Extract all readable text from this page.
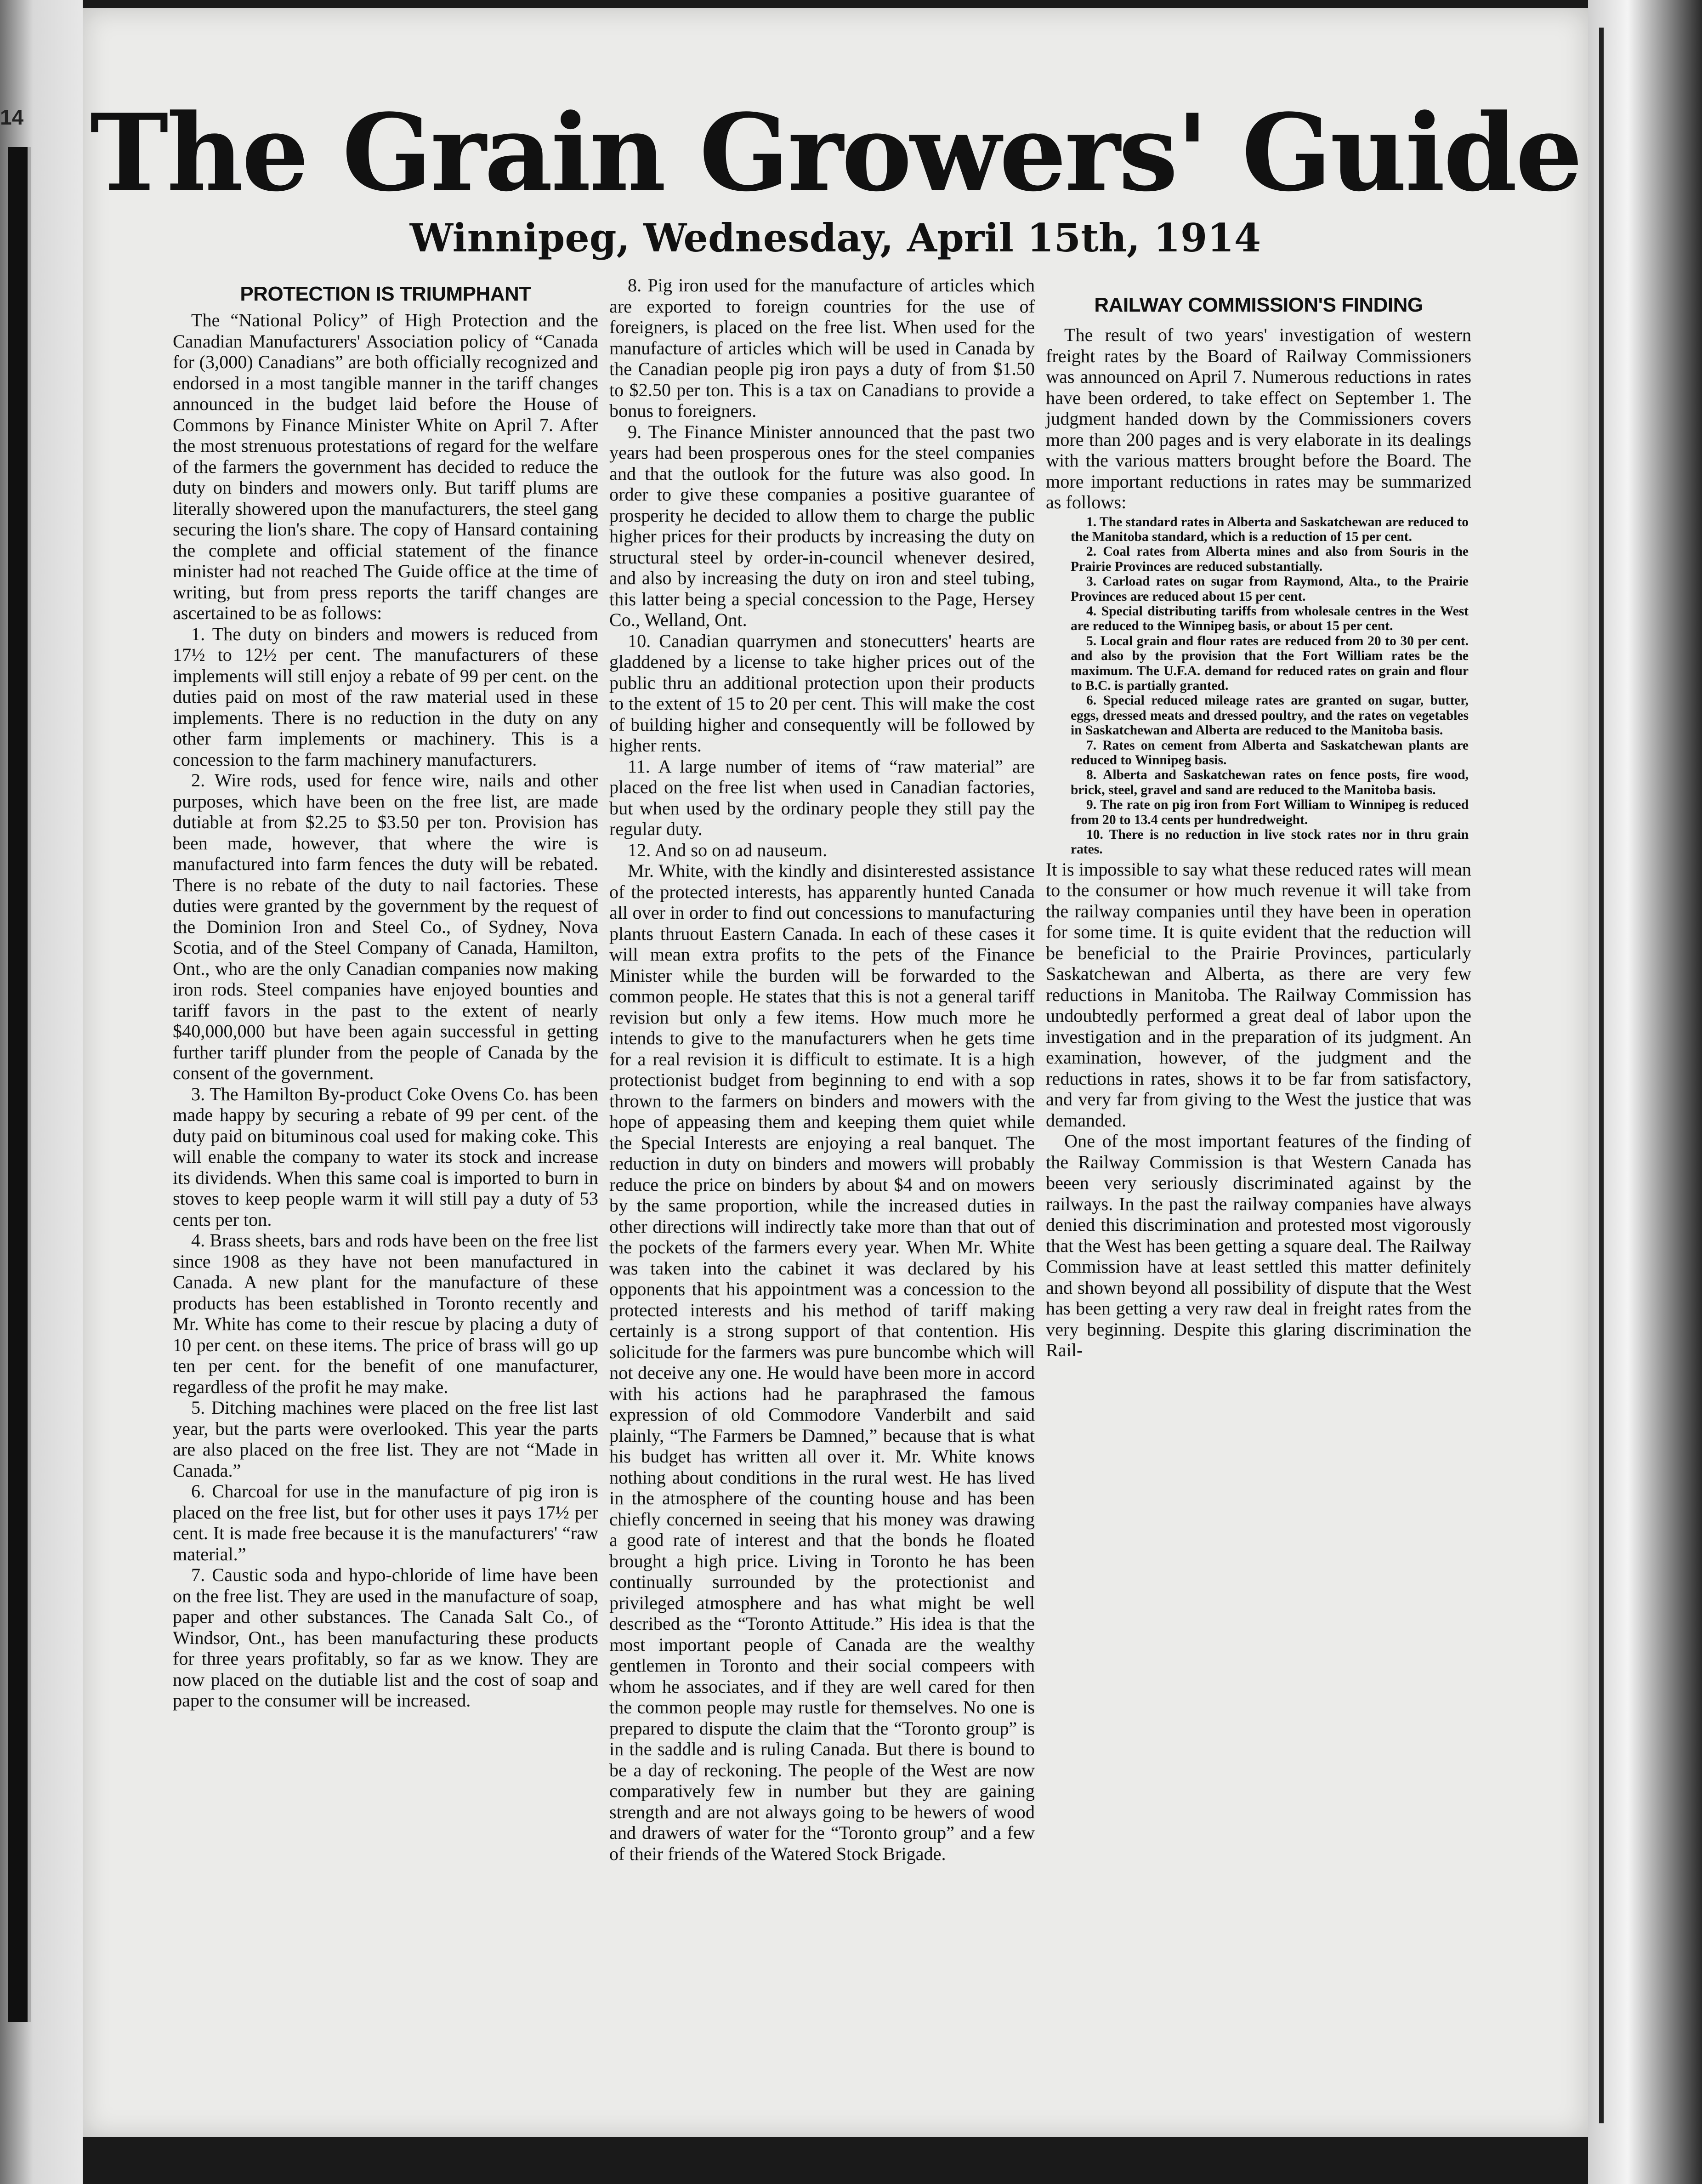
14 The Grain Growers' Guide
Winnipeg, Wednesday, April 15th, 1914
PROTECTION IS TRIUMPHANT

The “National Policy” of High Protection and the Canadian Manufacturers' Association policy of “Canada for (3,000) Canadians” are both officially recognized and endorsed in a most tangible manner in the tariff changes announced in the budget laid before the House of Commons by Finance Minister White on April 7. After the most strenuous protestations of regard for the welfare of the farmers the government has decided to reduce the duty on binders and mowers only. But tariff plums are literally showered upon the manufacturers, the steel gang securing the lion's share. The copy of Hansard containing the complete and official statement of the finance minister had not reached The Guide office at the time of writing, but from press reports the tariff changes are ascertained to be as follows:

1. The duty on binders and mowers is reduced from 17½ to 12½ per cent. The manufacturers of these implements will still enjoy a rebate of 99 per cent. on the duties paid on most of the raw material used in these implements. There is no reduction in the duty on any other farm implements or machinery. This is a concession to the farm machinery manufacturers.

2. Wire rods, used for fence wire, nails and other purposes, which have been on the free list, are made dutiable at from $2.25 to $3.50 per ton. Provision has been made, however, that where the wire is manufactured into farm fences the duty will be rebated. There is no rebate of the duty to nail factories. These duties were granted by the government by the request of the Dominion Iron and Steel Co., of Sydney, Nova Scotia, and of the Steel Company of Canada, Hamilton, Ont., who are the only Canadian companies now making iron rods. Steel companies have enjoyed bounties and tariff favors in the past to the extent of nearly $40,000,000 but have been again successful in getting further tariff plunder from the people of Canada by the consent of the government.

3. The Hamilton By-product Coke Ovens Co. has been made happy by securing a rebate of 99 per cent. of the duty paid on bituminous coal used for making coke. This will enable the company to water its stock and increase its dividends. When this same coal is imported to burn in stoves to keep people warm it will still pay a duty of 53 cents per ton.

4. Brass sheets, bars and rods have been on the free list since 1908 as they have not been manufactured in Canada. A new plant for the manufacture of these products has been established in Toronto recently and Mr. White has come to their rescue by placing a duty of 10 per cent. on these items. The price of brass will go up ten per cent. for the benefit of one manufacturer, regardless of the profit he may make.

5. Ditching machines were placed on the free list last year, but the parts were overlooked. This year the parts are also placed on the free list. They are not “Made in Canada.”

6. Charcoal for use in the manufacture of pig iron is placed on the free list, but for other uses it pays 17½ per cent. It is made free because it is the manufacturers' “raw material.”

7. Caustic soda and hypo-chloride of lime have been on the free list. They are used in the manufacture of soap, paper and other substances. The Canada Salt Co., of Windsor, Ont., has been manufacturing these products for three years profitably, so far as we know. They are now placed on the dutiable list and the cost of soap and paper to the consumer will be increased.

8. Pig iron used for the manufacture of articles which are exported to foreign countries for the use of foreigners, is placed on the free list. When used for the manufacture of articles which will be used in Canada by the Canadian people pig iron pays a duty of from $1.50 to $2.50 per ton. This is a tax on Canadians to provide a bonus to foreigners.

9. The Finance Minister announced that the past two years had been prosperous ones for the steel companies and that the outlook for the future was also good. In order to give these companies a positive guarantee of prosperity he decided to allow them to charge the public higher prices for their products by increasing the duty on structural steel by order-in-council whenever desired, and also by increasing the duty on iron and steel tubing, this latter being a special concession to the Page, Hersey Co., Welland, Ont.

10. Canadian quarrymen and stonecutters' hearts are gladdened by a license to take higher prices out of the public thru an additional protection upon their products to the extent of 15 to 20 per cent. This will make the cost of building higher and consequently will be followed by higher rents.

11. A large number of items of “raw material” are placed on the free list when used in Canadian factories, but when used by the ordinary people they still pay the regular duty.

12. And so on ad nauseum.

Mr. White, with the kindly and disinterested assistance of the protected interests, has apparently hunted Canada all over in order to find out concessions to manufacturing plants thruout Eastern Canada. In each of these cases it will mean extra profits to the pets of the Finance Minister while the burden will be forwarded to the common people. He states that this is not a general tariff revision but only a few items. How much more he intends to give to the manufacturers when he gets time for a real revision it is difficult to estimate. It is a high protectionist budget from beginning to end with a sop thrown to the farmers on binders and mowers with the hope of appeasing them and keeping them quiet while the Special Interests are enjoying a real banquet. The reduction in duty on binders and mowers will probably reduce the price on binders by about $4 and on mowers by the same proportion, while the increased duties in other directions will indirectly take more than that out of the pockets of the farmers every year. When Mr. White was taken into the cabinet it was declared by his opponents that his appointment was a concession to the protected interests and his method of tariff making certainly is a strong support of that contention. His solicitude for the farmers was pure buncombe which will not deceive any one. He would have been more in accord with his actions had he paraphrased the famous expression of old Commodore Vanderbilt and said plainly, “The Farmers be Damned,” because that is what his budget has written all over it. Mr. White knows nothing about conditions in the rural west. He has lived in the atmosphere of the counting house and has been chiefly concerned in seeing that his money was drawing a good rate of interest and that the bonds he floated brought a high price. Living in Toronto he has been continually surrounded by the protectionist and privileged atmosphere and has what might be well described as the “Toronto Attitude.” His idea is that the most important people of Canada are the wealthy gentlemen in Toronto and their social compeers with whom he associates, and if they are well cared for then the common people may rustle for themselves. No one is prepared to dispute the claim that the “Toronto group” is in the saddle and is ruling Canada. But there is bound to be a day of reckoning. The people of the West are now comparatively few in number but they are gaining strength and are not always going to be hewers of wood and drawers of water for the “Toronto group” and a few of their friends of the Watered Stock Brigade.

RAILWAY COMMISSION'S FINDING

The result of two years' investigation of western freight rates by the Board of Railway Commissioners was announced on April 7. Numerous reductions in rates have been ordered, to take effect on September 1. The judgment handed down by the Commissioners covers more than 200 pages and is very elaborate in its dealings with the various matters brought before the Board. The more important reductions in rates may be summarized as follows:

1. The standard rates in Alberta and Saskatchewan are reduced to the Manitoba standard, which is a reduction of 15 per cent.
2. Coal rates from Alberta mines and also from Souris in the Prairie Provinces are reduced substantially.
3. Carload rates on sugar from Raymond, Alta., to the Prairie Provinces are reduced about 15 per cent.
4. Special distributing tariffs from wholesale centres in the West are reduced to the Winnipeg basis, or about 15 per cent.
5. Local grain and flour rates are reduced from 20 to 30 per cent. and also by the provision that the Fort William rates be the maximum. The U.F.A. demand for reduced rates on grain and flour to B.C. is partially granted.
6. Special reduced mileage rates are granted on sugar, butter, eggs, dressed meats and dressed poultry, and the rates on vegetables in Saskatchewan and Alberta are reduced to the Manitoba basis.
7. Rates on cement from Alberta and Saskatchewan plants are reduced to Winnipeg basis.
8. Alberta and Saskatchewan rates on fence posts, fire wood, brick, steel, gravel and sand are reduced to the Manitoba basis.
9. The rate on pig iron from Fort William to Winnipeg is reduced from 20 to 13.4 cents per hundredweight.
10. There is no reduction in live stock rates nor in thru grain rates.

It is impossible to say what these reduced rates will mean to the consumer or how much revenue it will take from the railway companies until they have been in operation for some time. It is quite evident that the reduction will be beneficial to the Prairie Provinces, particularly Saskatchewan and Alberta, as there are very few reductions in Manitoba. The Railway Commission has undoubtedly performed a great deal of labor upon the investigation and in the preparation of its judgment. An examination, however, of the judgment and the reductions in rates, shows it to be far from satisfactory, and very far from giving to the West the justice that was demanded.

One of the most important features of the finding of the Railway Commission is that Western Canada has beeen very seriously discriminated against by the railways. In the past the railway companies have always denied this discrimination and protested most vigorously that the West has been getting a square deal. The Railway Commission have at least settled this matter definitely and shown beyond all possibility of dispute that the West has been getting a very raw deal in freight rates from the very beginning. Despite this glaring discrimination the Rail-
